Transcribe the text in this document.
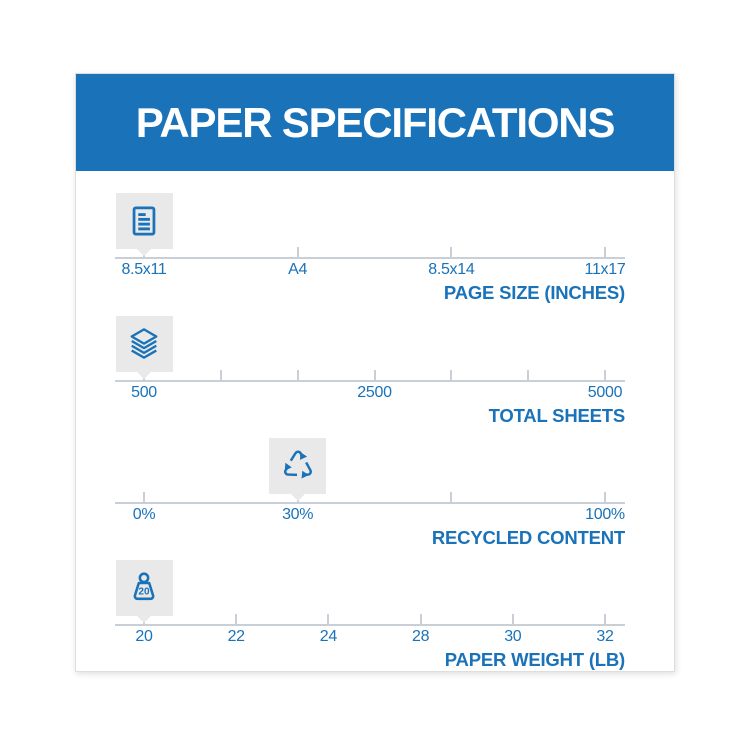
PAPER SPECIFICATIONS
8.5x11	A4	8.5x14	11x17
PAGE SIZE (INCHES)
500	2500	5000
TOTAL SHEETS
0%	30%	100%
RECYCLED CONTENT
20	22	24	28	30	32
20
PAPER WEIGHT (LB)
